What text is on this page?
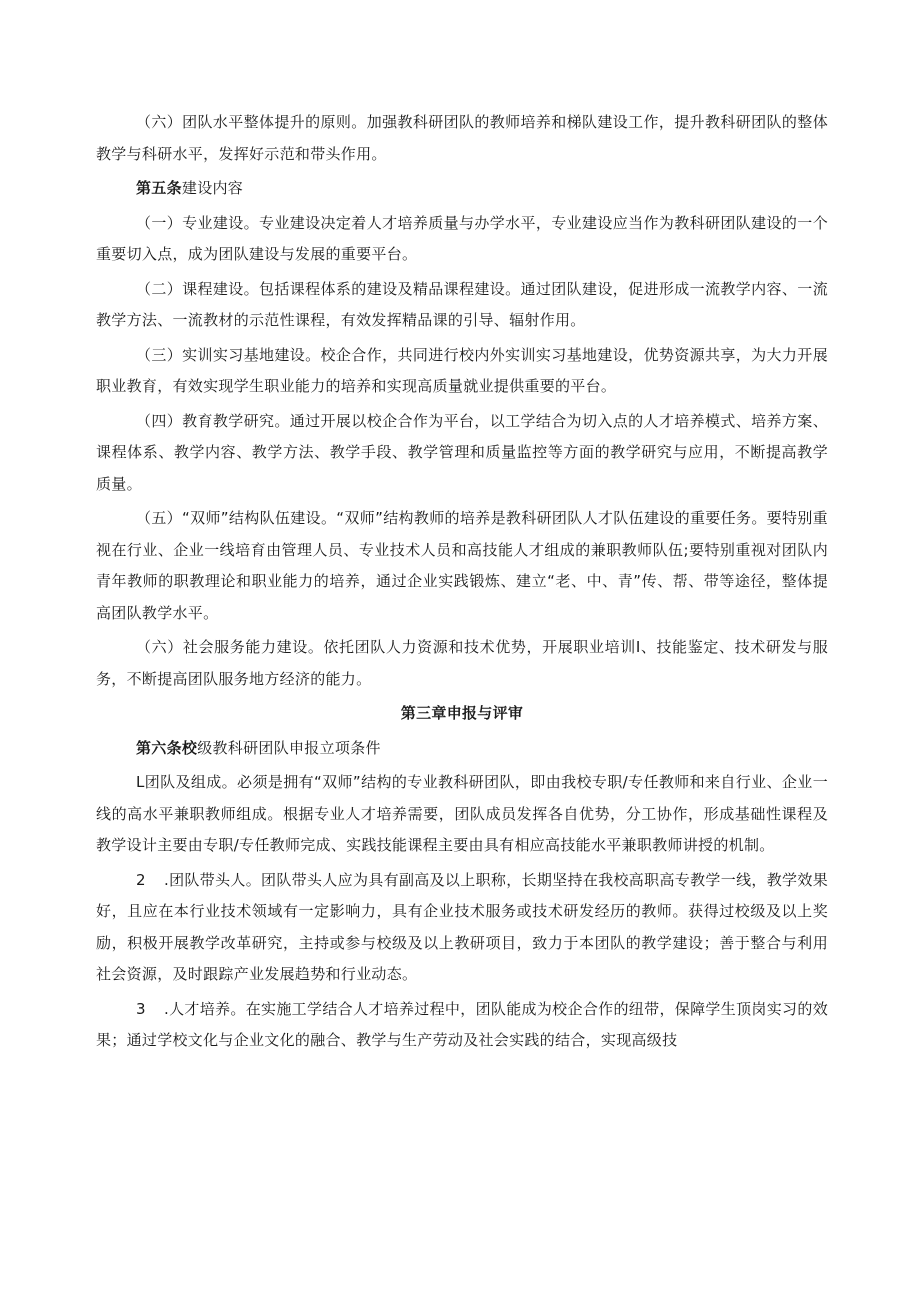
（六）团队水平整体提升的原则。加强教科研团队的教师培养和梯队建设工作，提升教科研团队的整体教学与科研水平，发挥好示范和带头作用。

第五条建设内容

（一）专业建设。专业建设决定着人才培养质量与办学水平，专业建设应当作为教科研团队建设的一个重要切入点，成为团队建设与发展的重要平台。

（二）课程建设。包括课程体系的建设及精品课程建设。通过团队建设，促进形成一流教学内容、一流教学方法、一流教材的示范性课程，有效发挥精品课的引导、辐射作用。

（三）实训实习基地建设。校企合作，共同进行校内外实训实习基地建设，优势资源共享，为大力开展职业教育，有效实现学生职业能力的培养和实现高质量就业提供重要的平台。

（四）教育教学研究。通过开展以校企合作为平台，以工学结合为切入点的人才培养模式、培养方案、课程体系、教学内容、教学方法、教学手段、教学管理和质量监控等方面的教学研究与应用，不断提高教学质量。

（五）“双师”结构队伍建设。“双师”结构教师的培养是教科研团队人才队伍建设的重要任务。要特别重视在行业、企业一线培育由管理人员、专业技术人员和高技能人才组成的兼职教师队伍;要特别重视对团队内青年教师的职教理论和职业能力的培养，通过企业实践锻炼、建立“老、中、青”传、帮、带等途径，整体提高团队教学水平。

（六）社会服务能力建设。依托团队人力资源和技术优势，开展职业培训I、技能鉴定、技术研发与服务，不断提高团队服务地方经济的能力。

第三章申报与评审

第六条校级教科研团队申报立项条件

L团队及组成。必须是拥有“双师”结构的专业教科研团队，即由我校专职/专任教师和来自行业、企业一线的高水平兼职教师组成。根据专业人才培养需要，团队成员发挥各自优势，分工协作，形成基础性课程及教学设计主要由专职/专任教师完成、实践技能课程主要由具有相应高技能水平兼职教师讲授的机制。

2 .团队带头人。团队带头人应为具有副高及以上职称，长期坚持在我校高职高专教学一线，教学效果好，且应在本行业技术领域有一定影响力，具有企业技术服务或技术研发经历的教师。获得过校级及以上奖励，积极开展教学改革研究，主持或参与校级及以上教研项目，致力于本团队的教学建设；善于整合与利用社会资源，及时跟踪产业发展趋势和行业动态。

3 .人才培养。在实施工学结合人才培养过程中，团队能成为校企合作的纽带，保障学生顶岗实习的效果；通过学校文化与企业文化的融合、教学与生产劳动及社会实践的结合，实现高级技
